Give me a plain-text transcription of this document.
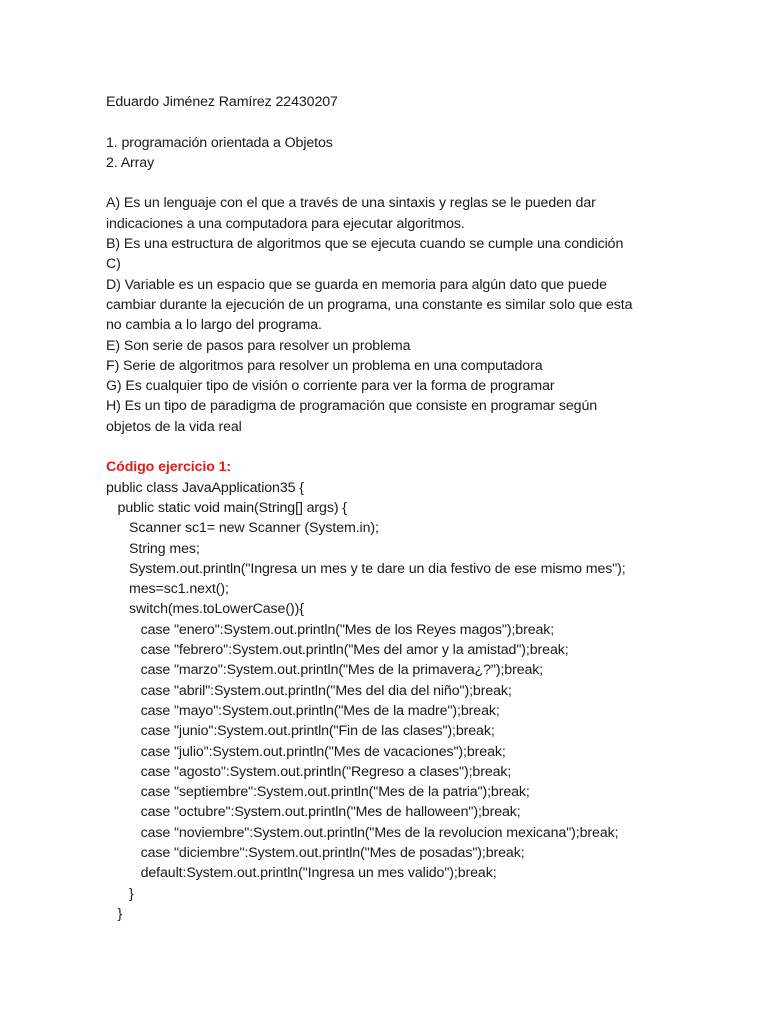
Eduardo Jiménez Ramírez 22430207
1. programación orientada a Objetos
2. Array
A) Es un lenguaje con el que a través de una sintaxis y reglas se le pueden dar
indicaciones a una computadora para ejecutar algoritmos.
B) Es una estructura de algoritmos que se ejecuta cuando se cumple una condición
C)
D) Variable es un espacio que se guarda en memoria para algún dato que puede
cambiar durante la ejecución de un programa, una constante es similar solo que esta
no cambia a lo largo del programa.
E) Son serie de pasos para resolver un problema
F) Serie de algoritmos para resolver un problema en una computadora
G) Es cualquier tipo de visión o corriente para ver la forma de programar
H) Es un tipo de paradigma de programación que consiste en programar según
objetos de la vida real
Código ejercicio 1:
public class JavaApplication35 {
public static void main(String[] args) {
Scanner sc1= new Scanner (System.in);
String mes;
System.out.println("Ingresa un mes y te dare un dia festivo de ese mismo mes");
mes=sc1.next();
switch(mes.toLowerCase()){
case "enero":System.out.println("Mes de los Reyes magos");break;
case "febrero":System.out.println("Mes del amor y la amistad");break;
case "marzo":System.out.println("Mes de la primavera¿?");break;
case "abril":System.out.println("Mes del dia del niño");break;
case "mayo":System.out.println("Mes de la madre");break;
case "junio":System.out.println("Fin de las clases");break;
case "julio":System.out.println("Mes de vacaciones");break;
case "agosto":System.out.println("Regreso a clases");break;
case "septiembre":System.out.println("Mes de la patria");break;
case "octubre":System.out.println("Mes de halloween");break;
case "noviembre":System.out.println("Mes de la revolucion mexicana");break;
case "diciembre":System.out.println("Mes de posadas");break;
default:System.out.println("Ingresa un mes valido");break;
}
}
